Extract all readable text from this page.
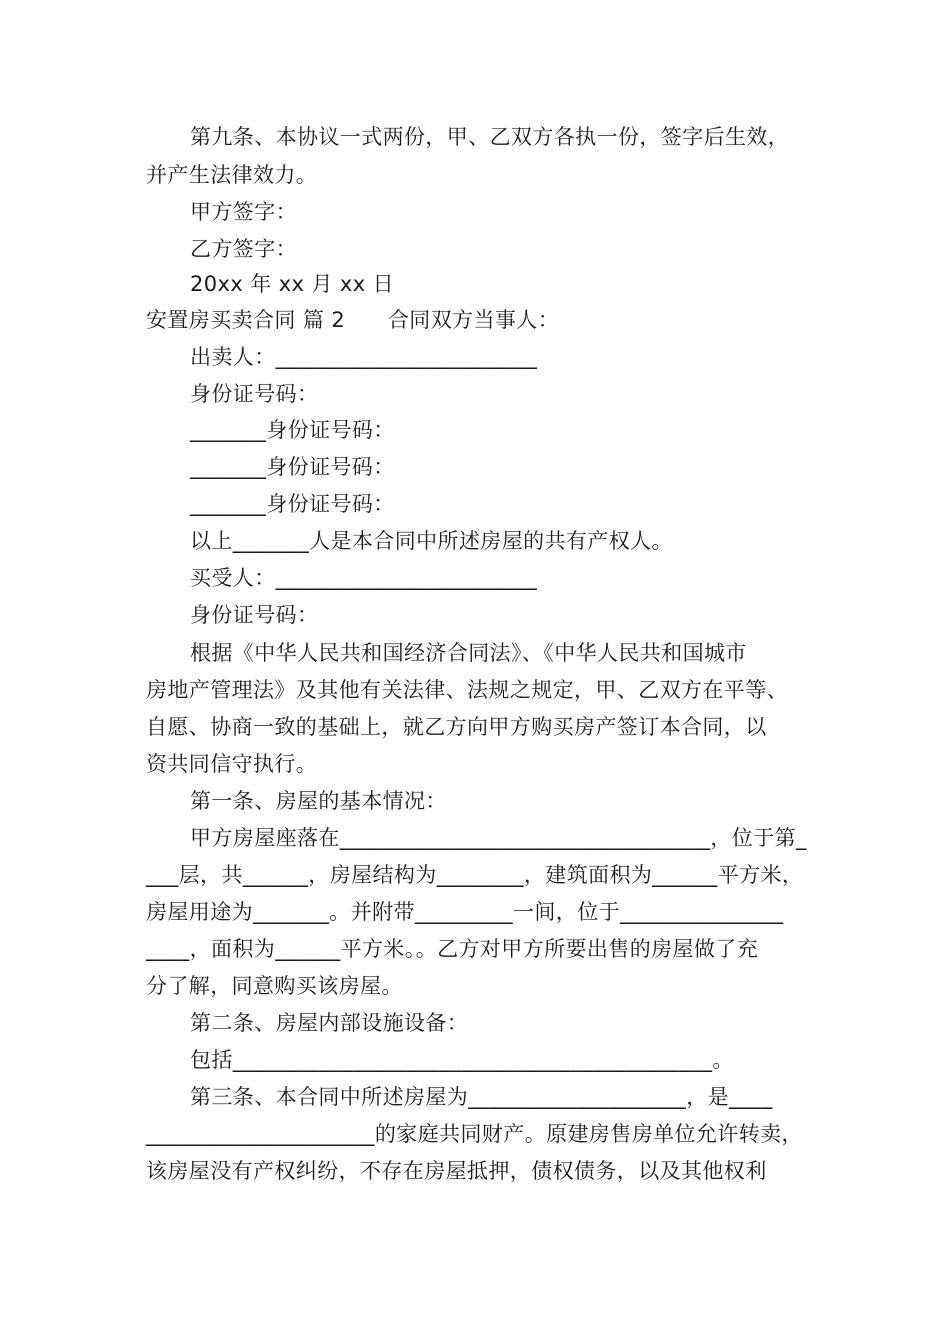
第九条、本协议一式两份，甲、乙双方各执一份，签字后生效，

并产生法律效力。

甲方签字：

乙方签字：

20xx 年 xx 月 xx 日

安置房买卖合同 篇 2　　合同双方当事人：

出卖人：________________________

身份证号码：

_______身份证号码：

_______身份证号码：

_______身份证号码：

以上_______人是本合同中所述房屋的共有产权人。

买受人：________________________

身份证号码：

根据《中华人民共和国经济合同法》、《中华人民共和国城市

房地产管理法》及其他有关法律、法规之规定，甲、乙双方在平等、

自愿、协商一致的基础上，就乙方向甲方购买房产签订本合同，以

资共同信守执行。

第一条、房屋的基本情况：

甲方房屋座落在__________________________________，位于第_

___层，共______，房屋结构为________，建筑面积为______平方米，

房屋用途为_______。并附带_________一间，位于_______________

____，面积为______平方米。。乙方对甲方所要出售的房屋做了充

分了解，同意购买该房屋。

第二条、房屋内部设施设备：

包括____________________________________________。

第三条、本合同中所述房屋为____________________，是____

_____________________的家庭共同财产。原建房售房单位允许转卖，

该房屋没有产权纠纷，不存在房屋抵押，债权债务，以及其他权利
